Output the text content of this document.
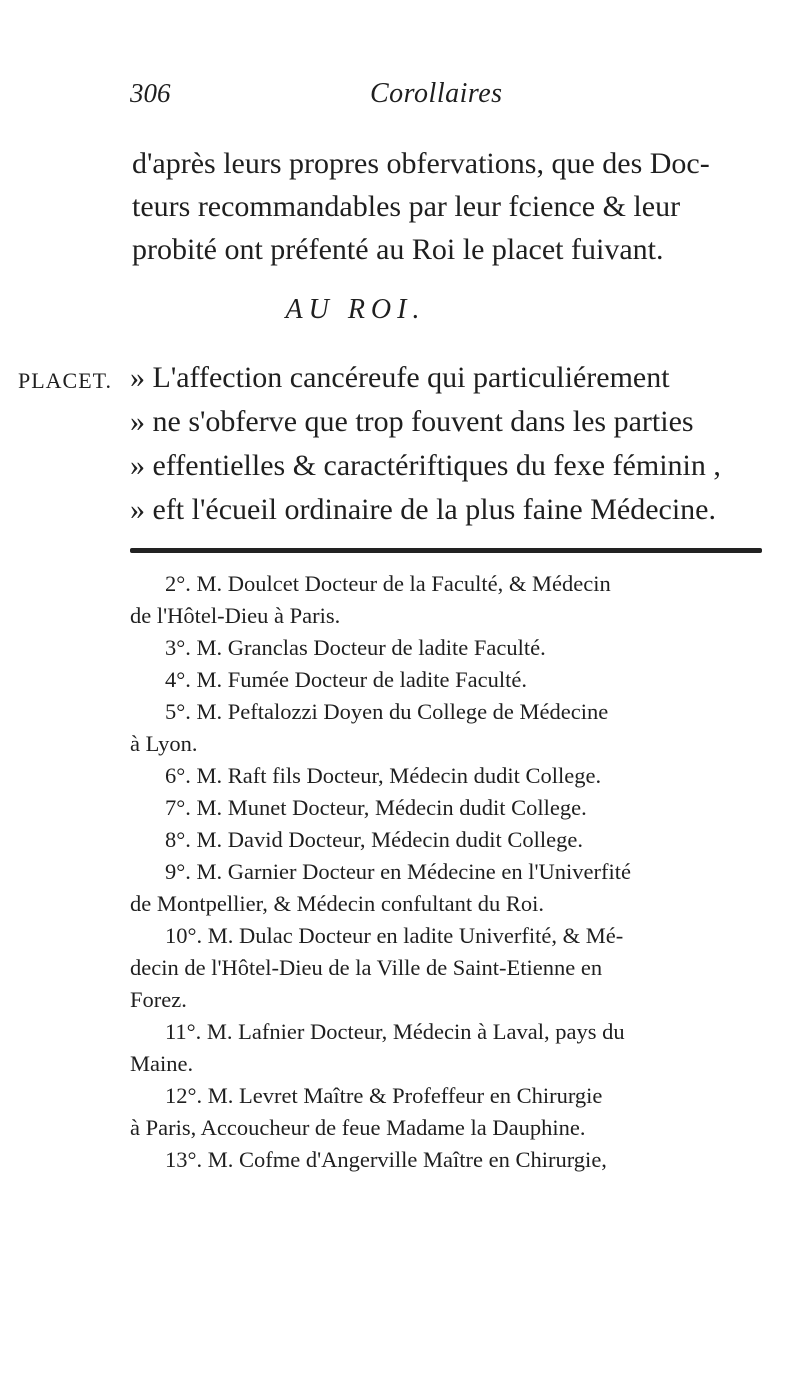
306	Corollaires

d'après leurs propres obfervations, que des Doc-

teurs recommandables par leur fcience & leur

probité ont préfenté au Roi le placet fuivant.

AU ROI.
PLACET. » L'affection cancéreufe qui particuliérement

» ne s'obferve que trop fouvent dans les parties

» effentielles & caractériftiques du fexe féminin ,

» eft l'écueil ordinaire de la plus faine Médecine.

2°. M. Doulcet Docteur de la Faculté, & Médecin

de l'Hôtel-Dieu à Paris.

3°. M. Granclas Docteur de ladite Faculté.

4°. M. Fumée Docteur de ladite Faculté.

5°. M. Peftalozzi Doyen du College de Médecine

à Lyon.

6°. M. Raft fils Docteur, Médecin dudit College.

7°. M. Munet Docteur, Médecin dudit College.

8°. M. David Docteur, Médecin dudit College.

9°. M. Garnier Docteur en Médecine en l'Univerfité

de Montpellier, & Médecin confultant du Roi.

10°. M. Dulac Docteur en ladite Univerfité, & Mé-

decin de l'Hôtel-Dieu de la Ville de Saint-Etienne en

Forez.

11°. M. Lafnier Docteur, Médecin à Laval, pays du

Maine.

12°. M. Levret Maître & Profeffeur en Chirurgie

à Paris, Accoucheur de feue Madame la Dauphine.

13°. M. Cofme d'Angerville Maître en Chirurgie,
